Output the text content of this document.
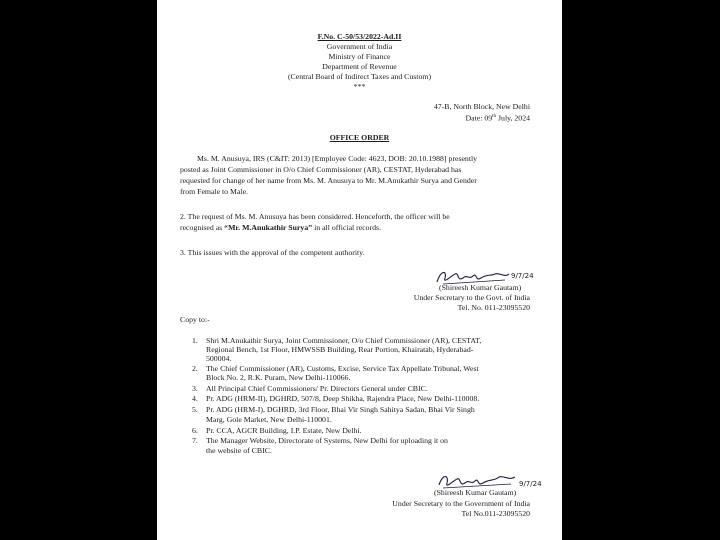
F.No. C-50/53/2022-Ad.II
Government of India
Ministry of Finance
Department of Revenue
(Central Board of Indirect Taxes and Custom)
***
47-B, North Block, New Delhi
Date: 09th July, 2024
OFFICE ORDER
Ms. M. Anusuya, IRS (C&IT: 2013) [Employee Code: 4623, DOB: 20.10.1988] presently
posted as Joint Commissioner in O/o Chief Commissioner (AR), CESTAT, Hyderabad has
requested for change of her name from Ms. M. Anusuya to Mr. M.Anukathir Surya and Gender
from Female to Male.
2. The request of Ms. M. Anusuya has been considered. Henceforth, the officer will be
recognised as “Mr. M.Anukathir Surya” in all official records.
3. This issues with the approval of the competent authority.
9/7/24
(Shireesh Kumar Gautam)
Under Secretary to the Govt. of India
Tel. No. 011-23095520
Copy to:-
1. Shri M.Anukathir Surya, Joint Commissioner, O/o Chief Commissioner (AR), CESTAT,
Regional Bench, 1st Floor, HMWSSB Building, Rear Portion, Khairatab, Hyderabad-
500004.
2. The Chief Commissioner (AR), Customs, Excise, Service Tax Appellate Tribunal, West
Block No. 2, R.K. Puram, New Delhi-110066.
3. All Principal Chief Commissioners/ Pr. Directors General under CBIC.
4. Pr. ADG (HRM-II), DGHRD, 507/8, Deep Shikha, Rajendra Place, New Delhi-110008.
5. Pr. ADG (HRM-I), DGHRD, 3rd Floor, Bhai Vir Singh Sahitya Sadan, Bhai Vir Singh
Marg, Gole Market, New Delhi-110001.
6. Pr. CCA, AGCR Building, I.P. Estate, New Delhi.
7. The Manager Website, Directorate of Systems, New Delhi for uploading it on
the website of CBIC.
9/7/24
(Shireesh Kumar Gautam)
Under Secretary to the Government of India
Tel No.011-23095520
